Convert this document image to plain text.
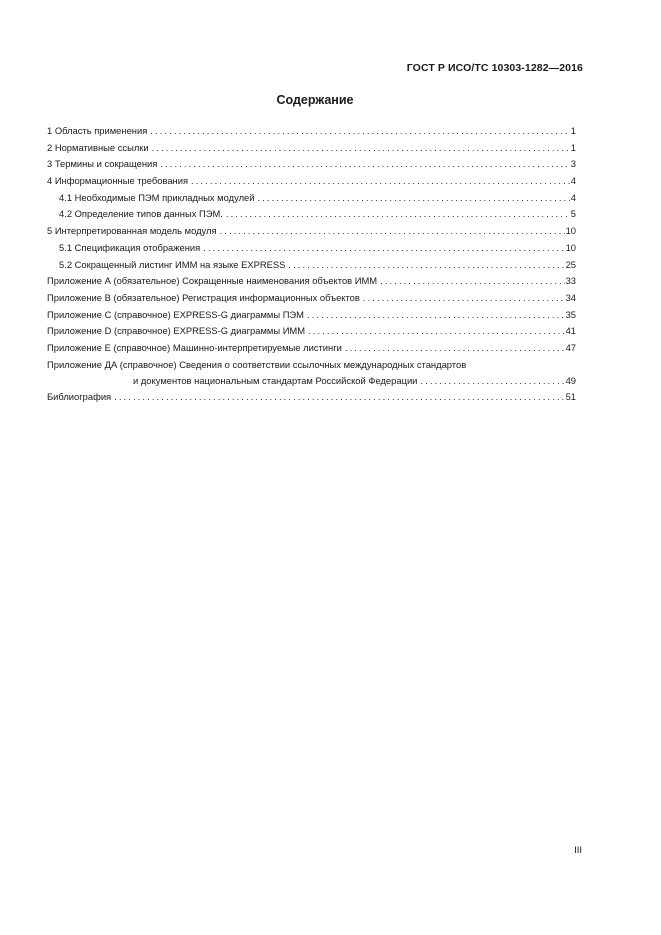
ГОСТ Р ИСО/ТС 10303-1282—2016
Содержание
1 Область применения . . .	1
2 Нормативные ссылки . . .	1
3 Термины и сокращения . . .	3
4 Информационные требования . . .	4
4.1 Необходимые ПЭМ прикладных модулей . . .	4
4.2 Определение типов данных ПЭМ. . . .	5
5 Интерпретированная модель модуля . . .	10
5.1 Спецификация отображения . . .	10
5.2 Сокращенный листинг ИММ на языке EXPRESS . . .	25
Приложение А (обязательное) Сокращенные наименования объектов ИММ . . .	33
Приложение В (обязательное) Регистрация информационных объектов . . .	34
Приложение С (справочное) EXPRESS-G диаграммы ПЭМ . . .	35
Приложение D (справочное) EXPRESS-G диаграммы ИММ . . .	41
Приложение Е (справочное) Машинно-интерпретируемые листинги . . .	47
Приложение ДА (справочное) Сведения о соответствии ссылочных международных стандартов
и документов национальным стандартам Российской Федерации . . .	49
Библиография . . .	51
III
